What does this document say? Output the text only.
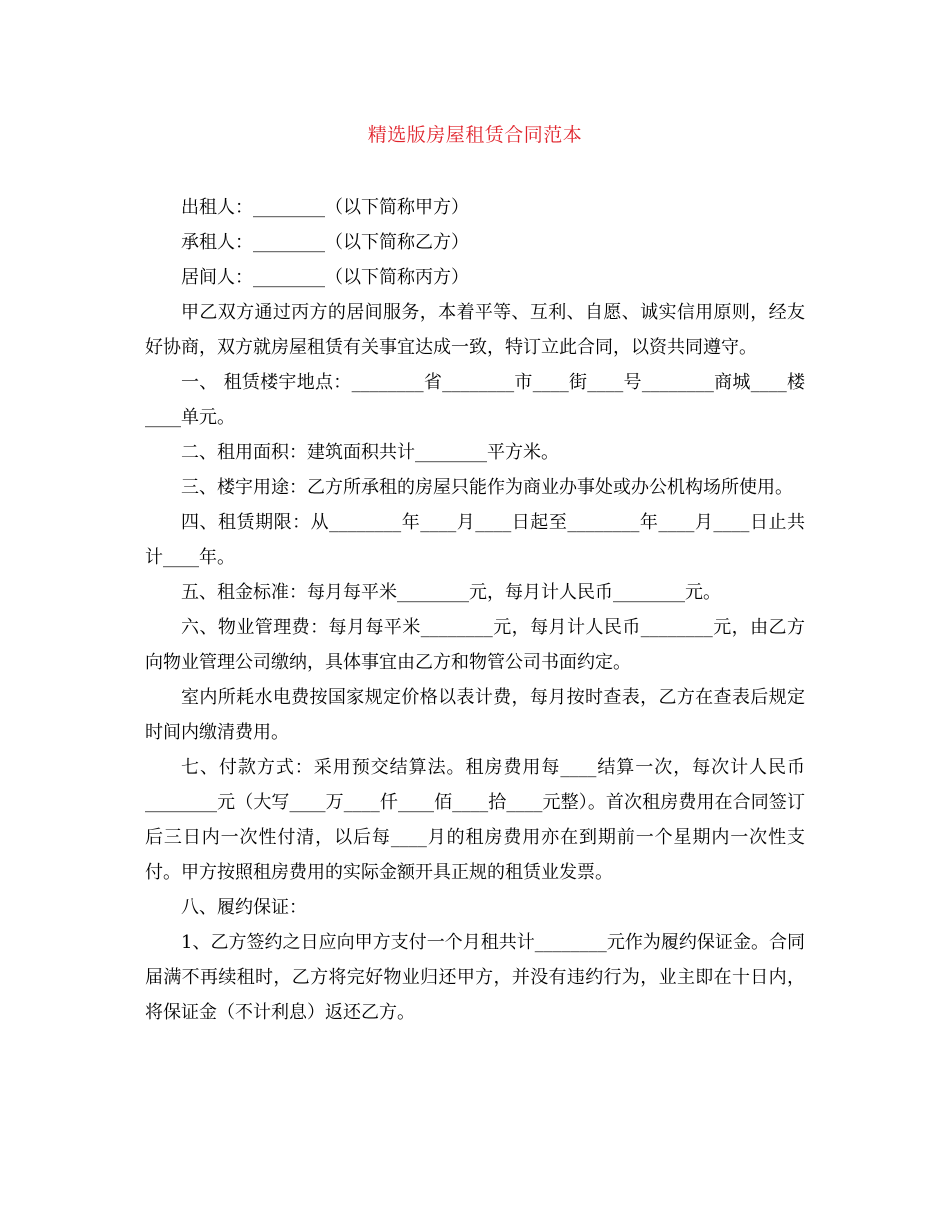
精选版房屋租赁合同范本

出租人：________（以下简称甲方）

承租人：________（以下简称乙方）

居间人：________（以下简称丙方）

甲乙双方通过丙方的居间服务，本着平等、互利、自愿、诚实信用原则，经友好协商，双方就房屋租赁有关事宜达成一致，特订立此合同，以资共同遵守。

一、 租赁楼宇地点：________省________市____街____号________商城____楼____单元。

二、租用面积：建筑面积共计________平方米。

三、楼宇用途：乙方所承租的房屋只能作为商业办事处或办公机构场所使用。

四、租赁期限：从________年____月____日起至________年____月____日止共计____年。

五、租金标准：每月每平米________元，每月计人民币________元。

六、物业管理费：每月每平米________元，每月计人民币________元，由乙方向物业管理公司缴纳，具体事宜由乙方和物管公司书面约定。

室内所耗水电费按国家规定价格以表计费，每月按时查表，乙方在查表后规定时间内缴清费用。

七、付款方式：采用预交结算法。租房费用每____结算一次，每次计人民币________元（大写____万____仟____佰____拾____元整）。首次租房费用在合同签订后三日内一次性付清，以后每____月的租房费用亦在到期前一个星期内一次性支付。甲方按照租房费用的实际金额开具正规的租赁业发票。

八、履约保证：

1、乙方签约之日应向甲方支付一个月租共计________元作为履约保证金。合同届满不再续租时，乙方将完好物业归还甲方，并没有违约行为，业主即在十日内，将保证金（不计利息）返还乙方。
